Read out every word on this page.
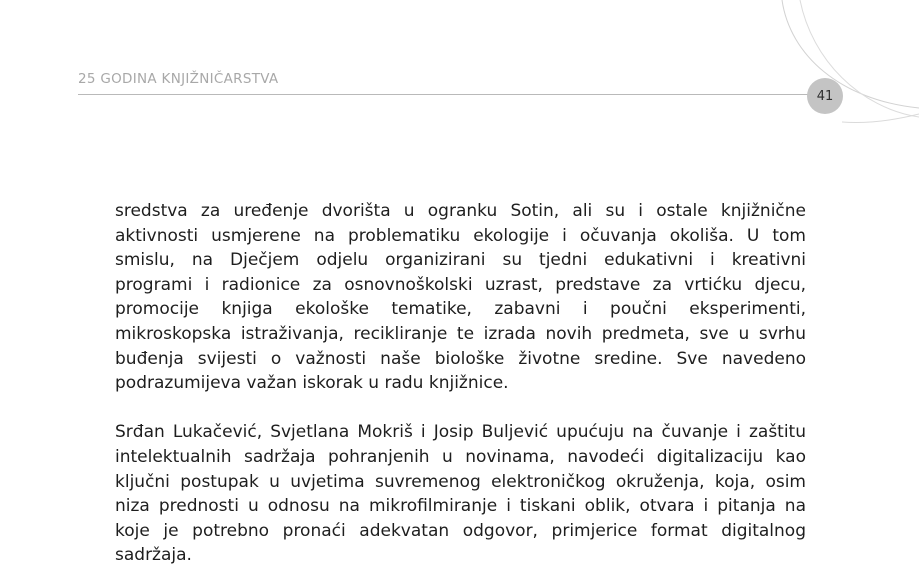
25 GODINA KNJIŽNIČARSTVA
41

sredstva za uređenje dvorišta u ogranku Sotin, ali su i ostale knjižnične
aktivnosti usmjerene na problematiku ekologije i očuvanja okoliša. U tom
smislu, na Dječjem odjelu organizirani su tjedni edukativni i kreativni
programi i radionice za osnovnoškolski uzrast, predstave za vrtićku djecu,
promocije knjiga ekološke tematike, zabavni i poučni eksperimenti,
mikroskopska istraživanja, recikliranje te izrada novih predmeta, sve u svrhu
buđenja svijesti o važnosti naše biološke životne sredine. Sve navedeno
podrazumijeva važan iskorak u radu knjižnice.

Srđan Lukačević, Svjetlana Mokriš i Josip Buljević upućuju na čuvanje i zaštitu
intelektualnih sadržaja pohranjenih u novinama, navodeći digitalizaciju kao
ključni postupak u uvjetima suvremenog elektroničkog okruženja, koja, osim
niza prednosti u odnosu na mikrofilmiranje i tiskani oblik, otvara i pitanja na
koje je potrebno pronaći adekvatan odgovor, primjerice format digitalnog
sadržaja.
